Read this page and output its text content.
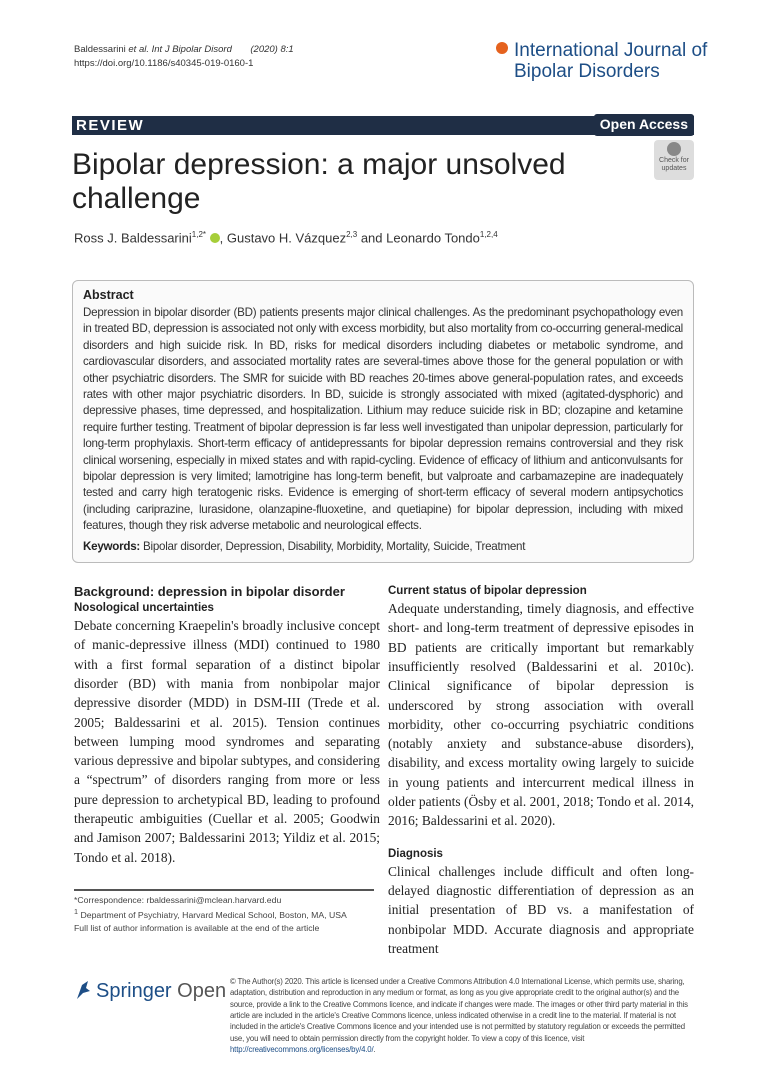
Baldessarini et al. Int J Bipolar Disord (2020) 8:1
https://doi.org/10.1186/s40345-019-0160-1
International Journal of
Bipolar Disorders
REVIEW	Open Access
Check for updates
Bipolar depression: a major unsolved challenge
Ross J. Baldessarini$^{1,2*}$ , Gustavo H. Vázquez$^{2,3}$ and Leonardo Tondo$^{1,2,4}$
Abstract

Depression in bipolar disorder (BD) patients presents major clinical challenges. As the predominant psychopathology even in treated BD, depression is associated not only with excess morbidity, but also mortality from co-occurring general-medical disorders and high suicide risk. In BD, risks for medical disorders including diabetes or metabolic syndrome, and cardiovascular disorders, and associated mortality rates are several-times above those for the general population or with other psychiatric disorders. The SMR for suicide with BD reaches 20-times above general-population rates, and exceeds rates with other major psychiatric disorders. In BD, suicide is strongly associated with mixed (agitated-dysphoric) and depressive phases, time depressed, and hospitalization. Lithium may reduce suicide risk in BD; clozapine and ketamine require further testing. Treatment of bipolar depression is far less well investigated than unipolar depression, particularly for long-term prophylaxis. Short-term efficacy of antidepressants for bipolar depression remains controversial and they risk clinical worsening, especially in mixed states and with rapid-cycling. Evidence of efficacy of lithium and anticonvulsants for bipolar depression is very limited; lamotrigine has long-term benefit, but valproate and carbamazepine are inadequately tested and carry high teratogenic risks. Evidence is emerging of short-term efficacy of several modern antipsychotics (including cariprazine, lurasidone, olanzapine-fluoxetine, and quetiapine) for bipolar depression, including with mixed features, though they risk adverse metabolic and neurological effects.

Keywords: Bipolar disorder, Depression, Disability, Morbidity, Mortality, Suicide, Treatment

Background: depression in bipolar disorder
Nosological uncertainties

Debate concerning Kraepelin's broadly inclusive concept of manic-depressive illness (MDI) continued to 1980 with a first formal separation of a distinct bipolar disorder (BD) with mania from nonbipolar major depressive disorder (MDD) in DSM-III (Trede et al. 2005; Baldessarini et al. 2015). Tension continues between lumping mood syndromes and separating various depressive and bipolar subtypes, and considering a “spectrum” of disorders ranging from more or less pure depression to archetypical BD, leading to profound therapeutic ambiguities (Cuellar et al. 2005; Goodwin and Jamison 2007; Baldessarini 2013; Yildiz et al. 2015; Tondo et al. 2018).

*Correspondence: rbaldessarini@mclean.harvard.edu
$^1$ Department of Psychiatry, Harvard Medical School, Boston, MA, USA
Full list of author information is available at the end of the article
Current status of bipolar depression

Adequate understanding, timely diagnosis, and effective short- and long-term treatment of depressive episodes in BD patients are critically important but remarkably insufficiently resolved (Baldessarini et al. 2010c). Clinical significance of bipolar depression is underscored by strong association with overall morbidity, other co-occurring psychiatric conditions (notably anxiety and substance-abuse disorders), disability, and excess mortality owing largely to suicide in young patients and intercurrent medical illness in older patients (Ösby et al. 2001, 2018; Tondo et al. 2014, 2016; Baldessarini et al. 2020).

Diagnosis

Clinical challenges include difficult and often long-delayed diagnostic differentiation of depression as an initial presentation of BD vs. a manifestation of nonbipolar MDD. Accurate diagnosis and appropriate treatment

Springer Open © The Author(s) 2020. This article is licensed under a Creative Commons Attribution 4.0 International License, which permits use, sharing, adaptation, distribution and reproduction in any medium or format, as long as you give appropriate credit to the original author(s) and the source, provide a link to the Creative Commons licence, and indicate if changes were made. The images or other third party material in this article are included in the article's Creative Commons licence, unless indicated otherwise in a credit line to the material. If material is not included in the article's Creative Commons licence and your intended use is not permitted by statutory regulation or exceeds the permitted use, you will need to obtain permission directly from the copyright holder. To view a copy of this licence, visit http://creativecommons.org/licenses/by/4.0/.
